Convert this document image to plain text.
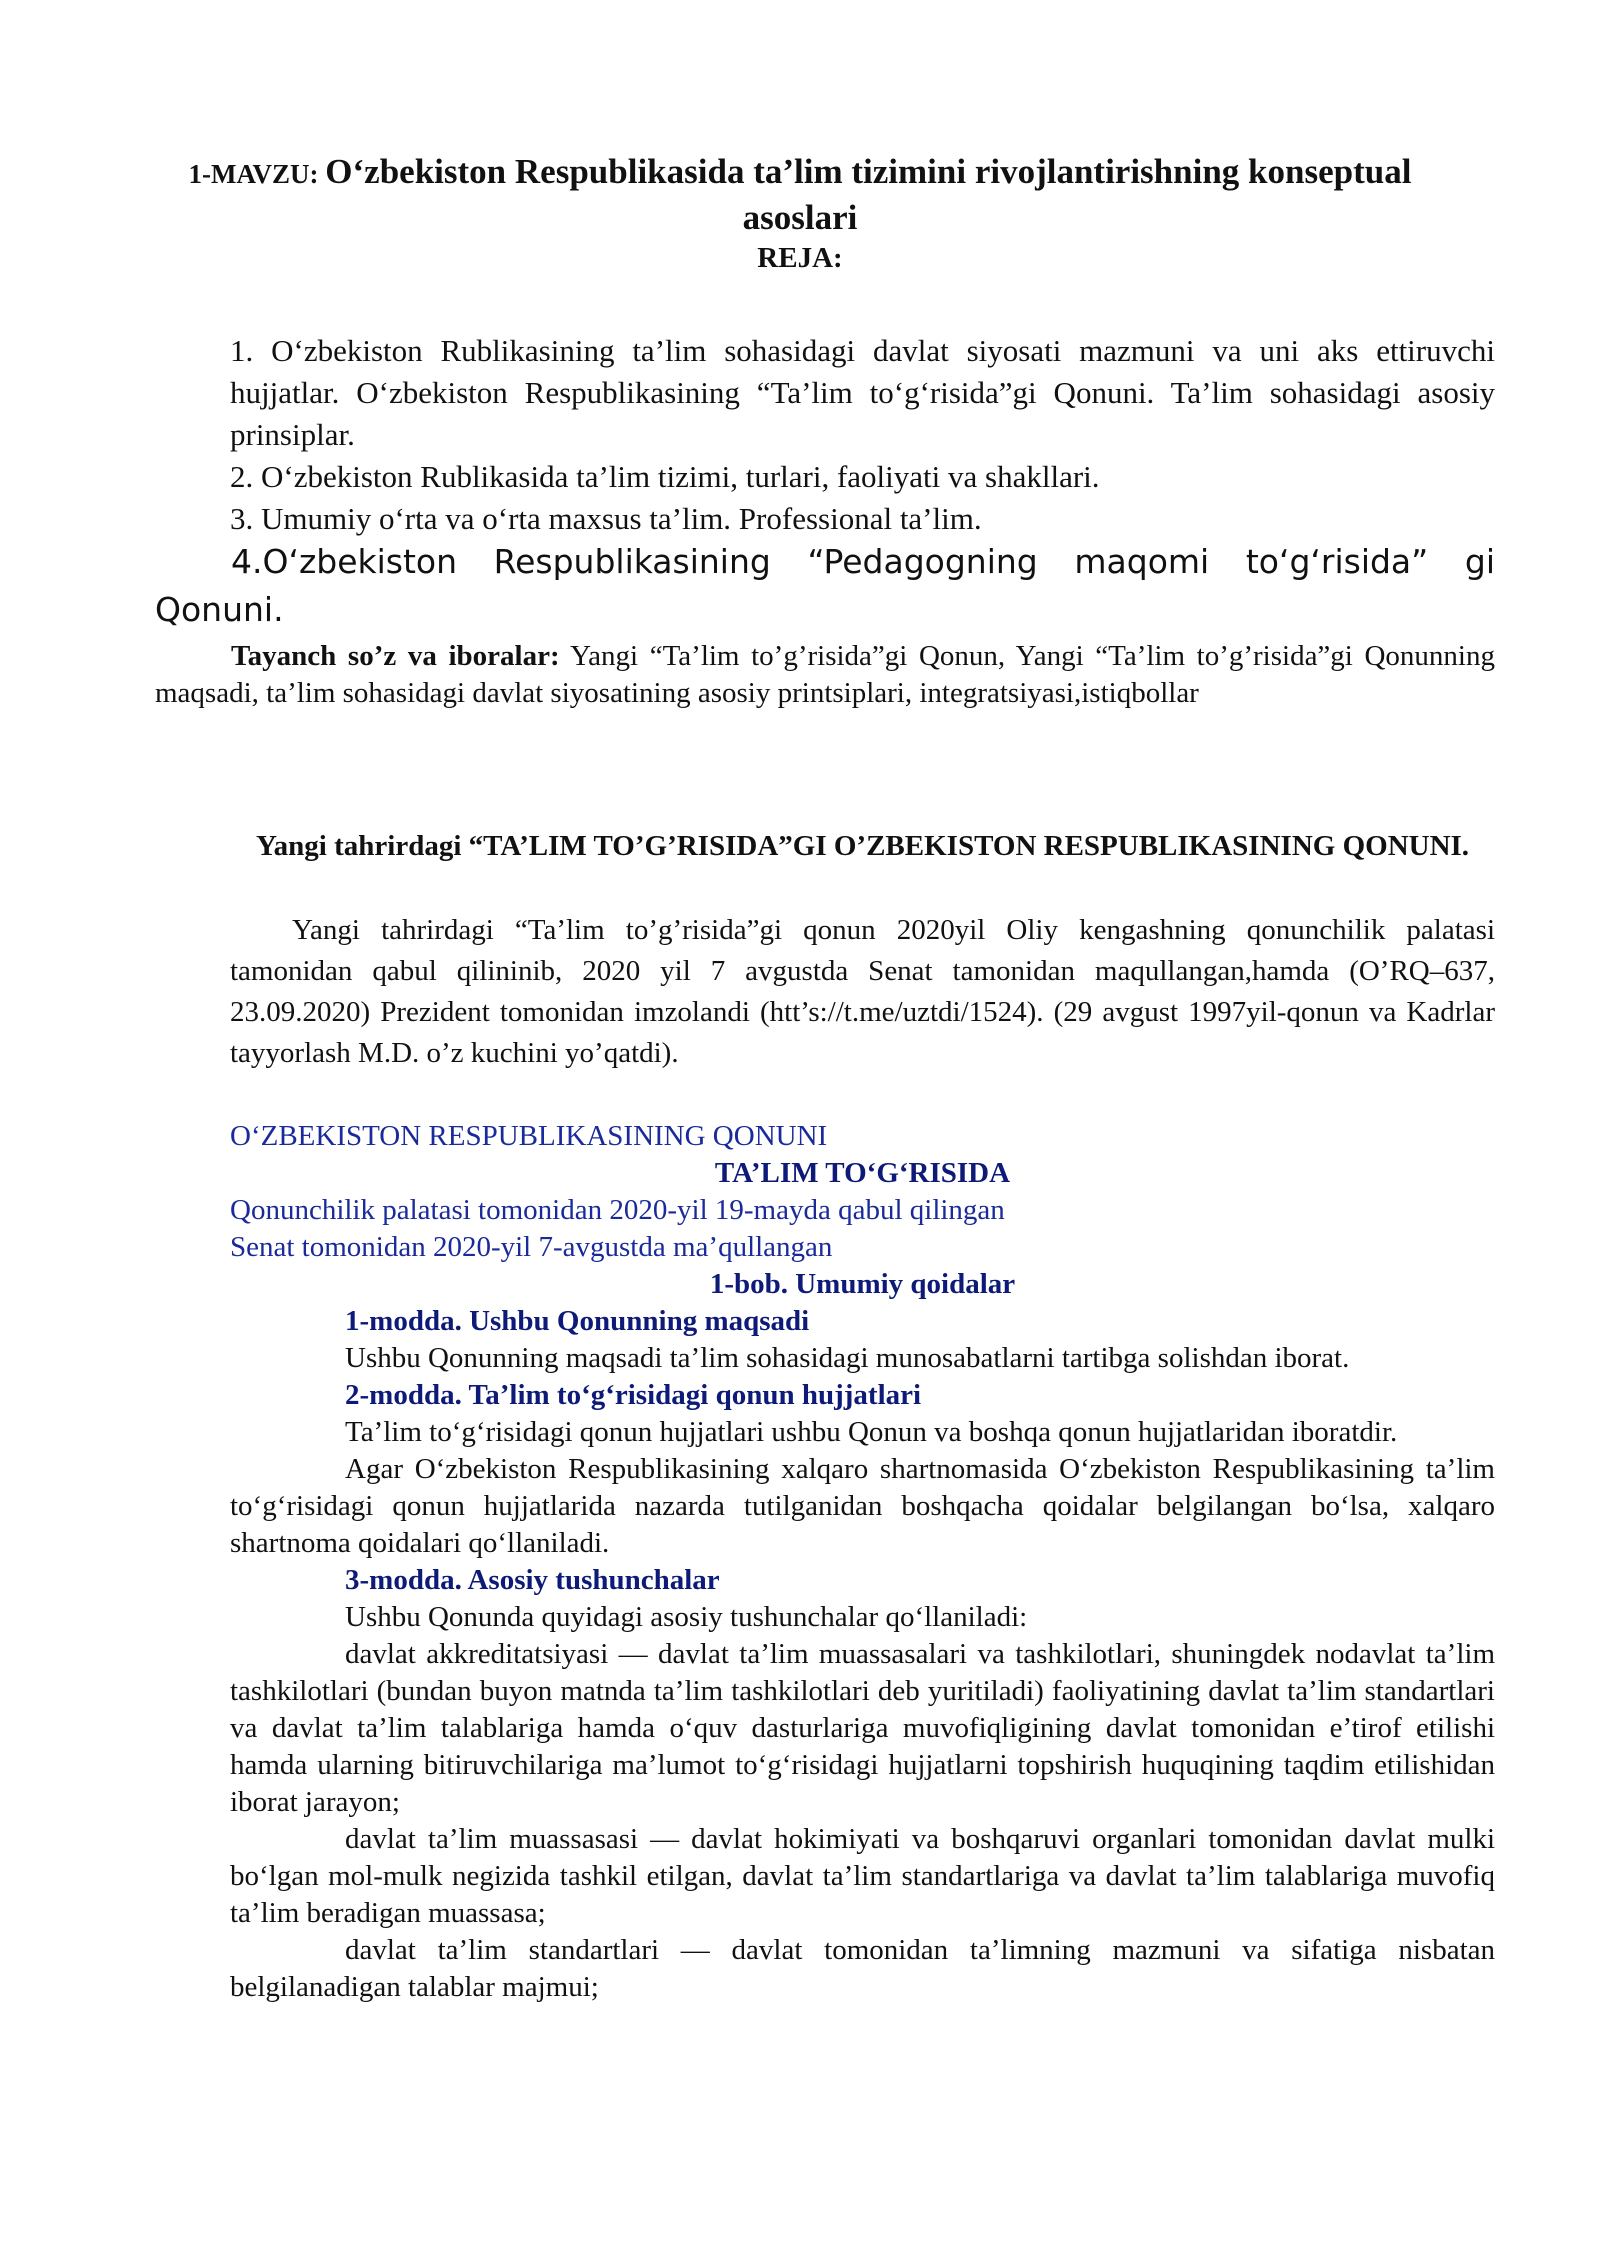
1-MAVZU: O‘zbekiston Respublikasida ta’lim tizimini rivojlantirishning konseptual asoslari
REJA:

1. O‘zbekiston Rublikasining ta’lim sohasidagi davlat siyosati mazmuni va uni aks ettiruvchi hujjatlar. O‘zbekiston Respublikasining “Ta’lim to‘g‘risida”gi Qonuni. Ta’lim sohasidagi asosiy prinsiplar.

2. O‘zbekiston Rublikasida ta’lim tizimi, turlari, faoliyati va shakllari.

3. Umumiy o‘rta va o‘rta maxsus ta’lim. Professional ta’lim.

4.O‘zbekiston Respublikasining “Pedagogning maqomi to‘g‘risida” gi Qonuni.
Tayanch so’z va iboralar: Yangi “Ta’lim to’g’risida”gi Qonun, Yangi “Ta’lim to’g’risida”gi Qonunning maqsadi, ta’lim sohasidagi davlat siyosatining asosiy printsiplari, integratsiyasi,istiqbollar
Yangi tahrirdagi “TA’LIM TO’G’RISIDA”GI O’ZBEKISTON RESPUBLIKASINING QONUNI.
Yangi tahrirdagi “Ta’lim to’g’risida”gi qonun 2020yil Oliy kengashning qonunchilik palatasi tamonidan qabul qilininib, 2020 yil 7 avgustda Senat tamonidan maqullangan,hamda (O’RQ–637, 23.09.2020) Prezident tomonidan imzolandi (htt’s://t.me/uztdi/1524). (29 avgust 1997yil-qonun va Kadrlar tayyorlash M.D. o’z kuchini yo’qatdi).

O‘ZBEKISTON RESPUBLIKASINING QONUNI

TA’LIM TO‘G‘RISIDA

Qonunchilik palatasi tomonidan 2020-yil 19-mayda qabul qilingan

Senat tomonidan 2020-yil 7-avgustda ma’qullangan

1-bob. Umumiy qoidalar

1-modda. Ushbu Qonunning maqsadi

Ushbu Qonunning maqsadi ta’lim sohasidagi munosabatlarni tartibga solishdan iborat.

2-modda. Ta’lim to‘g‘risidagi qonun hujjatlari

Ta’lim to‘g‘risidagi qonun hujjatlari ushbu Qonun va boshqa qonun hujjatlaridan iboratdir.

Agar O‘zbekiston Respublikasining xalqaro shartnomasida O‘zbekiston Respublikasining ta’lim to‘g‘risidagi qonun hujjatlarida nazarda tutilganidan boshqacha qoidalar belgilangan bo‘lsa, xalqaro shartnoma qoidalari qo‘llaniladi.

3-modda. Asosiy tushunchalar

Ushbu Qonunda quyidagi asosiy tushunchalar qo‘llaniladi:

davlat akkreditatsiyasi — davlat ta’lim muassasalari va tashkilotlari, shuningdek nodavlat ta’lim tashkilotlari (bundan buyon matnda ta’lim tashkilotlari deb yuritiladi) faoliyatining davlat ta’lim standartlari va davlat ta’lim talablariga hamda o‘quv dasturlariga muvofiqligining davlat tomonidan e’tirof etilishi hamda ularning bitiruvchilariga ma’lumot to‘g‘risidagi hujjatlarni topshirish huquqining taqdim etilishidan iborat jarayon;

davlat ta’lim muassasasi — davlat hokimiyati va boshqaruvi organlari tomonidan davlat mulki bo‘lgan mol-mulk negizida tashkil etilgan, davlat ta’lim standartlariga va davlat ta’lim talablariga muvofiq ta’lim beradigan muassasa;

davlat ta’lim standartlari — davlat tomonidan ta’limning mazmuni va sifatiga nisbatan belgilanadigan talablar majmui;
